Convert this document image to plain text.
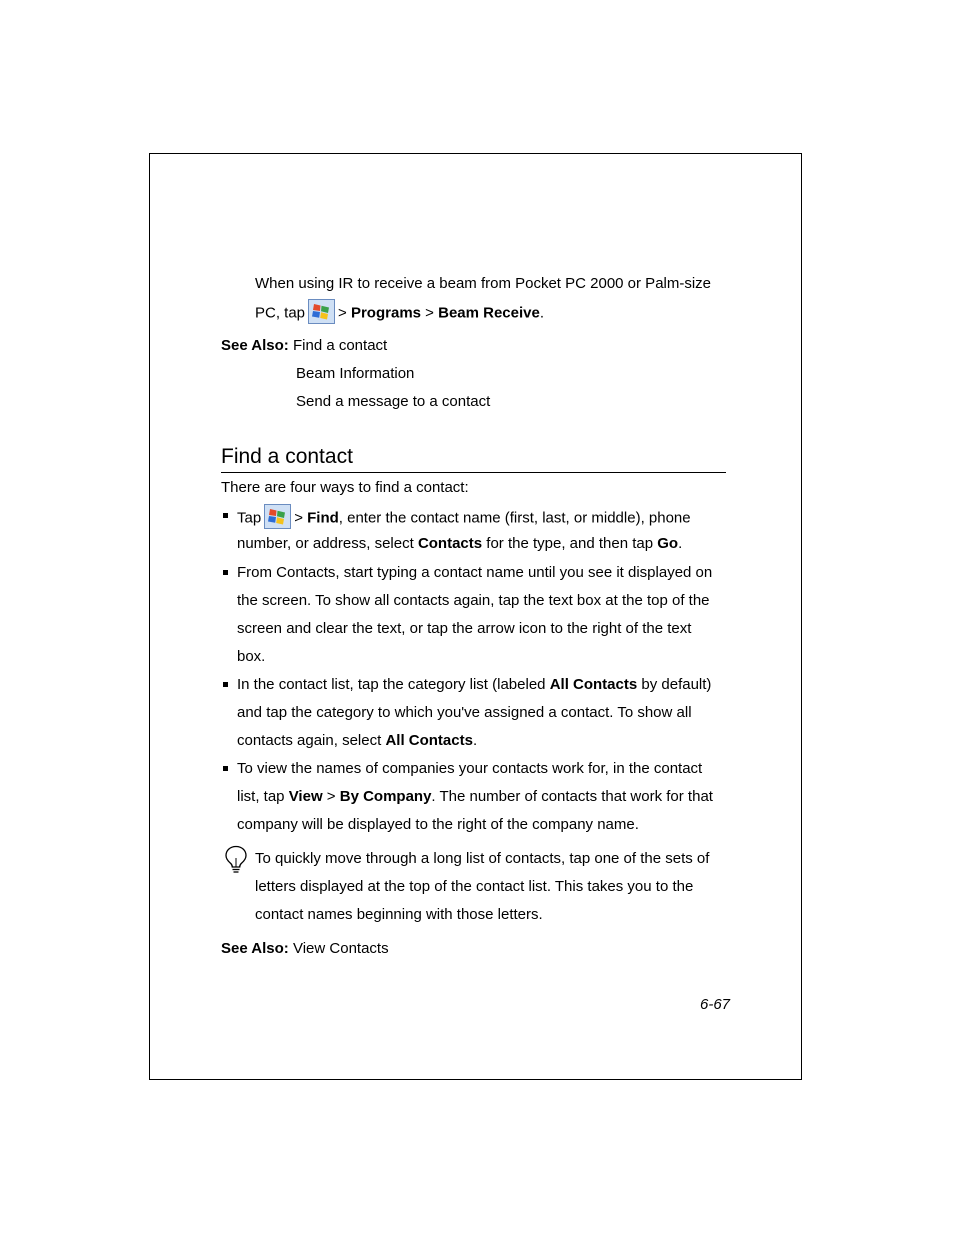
When using IR to receive a beam from Pocket PC 2000 or Palm-size
PC, tap > Programs > Beam Receive.
See Also: Find a contact
Beam Information
Send a message to a contact
Find a contact
There are four ways to find a contact:
Tap > Find, enter the contact name (first, last, or middle), phone
number, or address, select Contacts for the type, and then tap Go.
From Contacts, start typing a contact name until you see it displayed on
the screen. To show all contacts again, tap the text box at the top of the
screen and clear the text, or tap the arrow icon to the right of the text
box.
In the contact list, tap the category list (labeled All Contacts by default)
and tap the category to which you've assigned a contact. To show all
contacts again, select All Contacts.
To view the names of companies your contacts work for, in the contact
list, tap View > By Company. The number of contacts that work for that
company will be displayed to the right of the company name.
To quickly move through a long list of contacts, tap one of the sets of
letters displayed at the top of the contact list. This takes you to the
contact names beginning with those letters.
See Also: View Contacts
6-67
